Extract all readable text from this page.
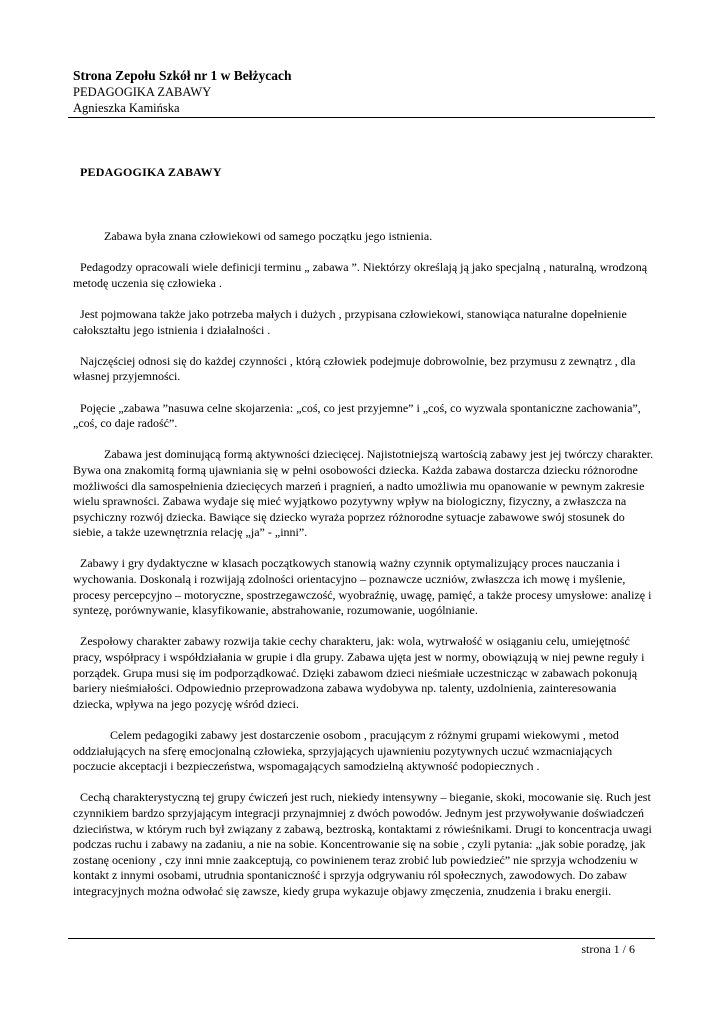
Strona Zepołu Szkół nr 1 w Bełżycach
PEDAGOGIKA ZABAWY
Agnieszka Kamińska
PEDAGOGIKA ZABAWY

Zabawa była znana człowiekowi od samego początku jego istnienia.

Pedagodzy opracowali wiele definicji terminu „ zabawa ”. Niektórzy określają ją jako specjalną , naturalną, wrodzoną metodę uczenia się człowieka .

Jest pojmowana także jako potrzeba małych i dużych , przypisana człowiekowi, stanowiąca naturalne dopełnienie całokształtu jego istnienia i działalności .

Najczęściej odnosi się do każdej czynności , którą człowiek podejmuje dobrowolnie, bez przymusu z zewnątrz , dla własnej przyjemności.

Pojęcie „zabawa ”nasuwa celne skojarzenia: „coś, co jest przyjemne” i „coś, co wyzwala spontaniczne zachowania”, „coś, co daje radość”.

Zabawa jest dominującą formą aktywności dziecięcej. Najistotniejszą wartością zabawy jest jej twórczy charakter. Bywa ona znakomitą formą ujawniania się w pełni osobowości dziecka. Każda zabawa dostarcza dziecku różnorodne możliwości dla samospełnienia dziecięcych marzeń i pragnień, a nadto umożliwia mu opanowanie w pewnym zakresie wielu sprawności. Zabawa wydaje się mieć wyjątkowo pozytywny wpływ na biologiczny, fizyczny, a zwłaszcza na psychiczny rozwój dziecka. Bawiące się dziecko wyraża poprzez różnorodne sytuacje zabawowe swój stosunek do siebie, a także uzewnętrznia relację „ja” - „inni”.

Zabawy i gry dydaktyczne w klasach początkowych stanowią ważny czynnik optymalizujący proces nauczania i wychowania. Doskonalą i rozwijają zdolności orientacyjno – poznawcze uczniów, zwłaszcza ich mowę i myślenie, procesy percepcyjno – motoryczne, spostrzegawczość, wyobraźnię, uwagę, pamięć, a także procesy umysłowe: analizę i syntezę, porównywanie, klasyfikowanie, abstrahowanie, rozumowanie, uogólnianie.

Zespołowy charakter zabawy rozwija takie cechy charakteru, jak: wola, wytrwałość w osiąganiu celu, umiejętność pracy, współpracy i współdziałania w grupie i dla grupy. Zabawa ujęta jest w normy, obowiązują w niej pewne reguły i porządek. Grupa musi się im podporządkować. Dzięki zabawom dzieci nieśmiałe uczestnicząc w zabawach pokonują bariery nieśmiałości. Odpowiednio przeprowadzona zabawa wydobywa np. talenty, uzdolnienia, zainteresowania dziecka, wpływa na jego pozycję wśród dzieci.

Celem pedagogiki zabawy jest dostarczenie osobom , pracującym z różnymi grupami wiekowymi , metod oddziałujących na sferę emocjonalną człowieka, sprzyjających ujawnieniu pozytywnych uczuć wzmacniających poczucie akceptacji i bezpieczeństwa, wspomagających samodzielną aktywność podopiecznych .

Cechą charakterystyczną tej grupy ćwiczeń jest ruch, niekiedy intensywny – bieganie, skoki, mocowanie się. Ruch jest czynnikiem bardzo sprzyjającym integracji przynajmniej z dwóch powodów. Jednym jest przywoływanie doświadczeń dzieciństwa, w którym ruch był związany z zabawą, beztroską, kontaktami z rówieśnikami. Drugi to koncentracja uwagi podczas ruchu i zabawy na zadaniu, a nie na sobie. Koncentrowanie się na sobie , czyli pytania: „jak sobie poradzę, jak zostanę oceniony , czy inni mnie zaakceptują, co powinienem teraz zrobić lub powiedzieć” nie sprzyja wchodzeniu w kontakt z innymi osobami, utrudnia spontaniczność i sprzyja odgrywaniu ról społecznych, zawodowych. Do zabaw integracyjnych można odwołać się zawsze, kiedy grupa wykazuje objawy zmęczenia, znudzenia i braku energii.

strona 1 / 6
